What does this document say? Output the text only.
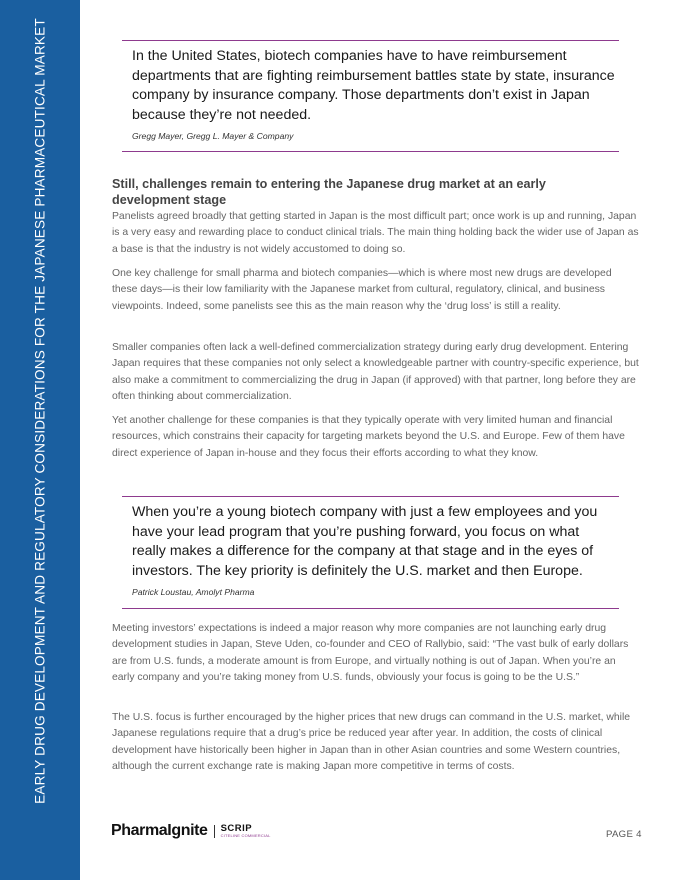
EARLY DRUG DEVELOPMENT AND REGULATORY CONSIDERATIONS FOR THE JAPANESE PHARMACEUTICAL MARKET	In the United States, biotech companies have to have reimbursement departments that are fighting reimbursement battles state by state, insurance company by insurance company. Those departments don’t exist in Japan because they’re not needed.

Gregg Mayer, Gregg L. Mayer & Company

Still, challenges remain to entering the Japanese drug market at an early development stage

Panelists agreed broadly that getting started in Japan is the most difficult part; once work is up and running, Japan is a very easy and rewarding place to conduct clinical trials. The main thing holding back the wider use of Japan as a base is that the industry is not widely accustomed to doing so.

One key challenge for small pharma and biotech companies—which is where most new drugs are developed these days—is their low familiarity with the Japanese market from cultural, regulatory, clinical, and business viewpoints. Indeed, some panelists see this as the main reason why the ‘drug loss’ is still a reality.

Smaller companies often lack a well-defined commercialization strategy during early drug development. Entering Japan requires that these companies not only select a knowledgeable partner with country-specific experience, but also make a commitment to commercializing the drug in Japan (if approved) with that partner, long before they are often thinking about commercialization.

Yet another challenge for these companies is that they typically operate with very limited human and financial resources, which constrains their capacity for targeting markets beyond the U.S. and Europe. Few of them have direct experience of Japan in-house and they focus their efforts according to what they know.

When you’re a young biotech company with just a few employees and you have your lead program that you’re pushing forward, you focus on what really makes a difference for the company at that stage and in the eyes of investors. The key priority is definitely the U.S. market and then Europe.

Patrick Loustau, Amolyt Pharma

Meeting investors’ expectations is indeed a major reason why more companies are not launching early drug development studies in Japan, Steve Uden, co-founder and CEO of Rallybio, said: “The vast bulk of early dollars are from U.S. funds, a moderate amount is from Europe, and virtually nothing is out of Japan. When you’re an early company and you’re taking money from U.S. funds, obviously your focus is going to be the U.S.”

The U.S. focus is further encouraged by the higher prices that new drugs can command in the U.S. market, while Japanese regulations require that a drug’s price be reduced year after year. In addition, the costs of clinical development have historically been higher in Japan than in other Asian countries and some Western countries, although the current exchange rate is making Japan more competitive in terms of costs.

PharmaIgnite SCRIP
CITELINE COMMERCIAL	PAGE 4
